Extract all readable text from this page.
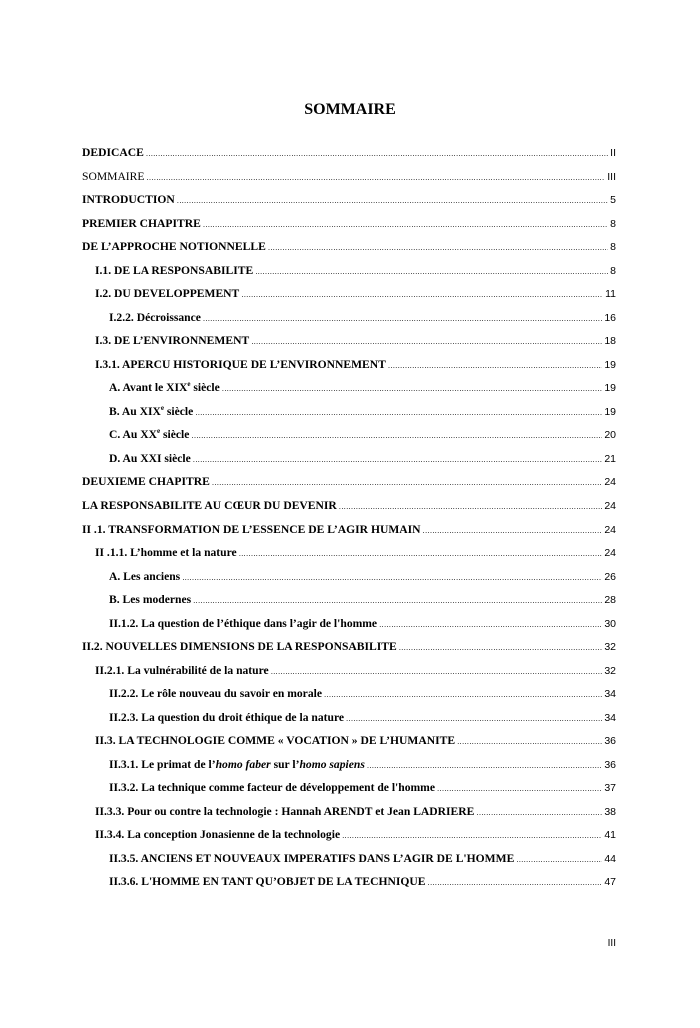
SOMMAIRE
DEDICACE .....	II
SOMMAIRE .....	III
INTRODUCTION .....	5
PREMIER CHAPITRE .....	8
DE L’APPROCHE NOTIONNELLE .....	8
I.1. DE LA RESPONSABILITE .....	8
I.2. DU DEVELOPPEMENT .....	11
I.2.2. Décroissance .....	16
I.3. DE L’ENVIRONNEMENT .....	18
I.3.1. APERCU HISTORIQUE DE L’ENVIRONNEMENT .....	19
A. Avant le XIXe siècle .....	19
B. Au XIXe siècle .....	19
C. Au XXe siècle .....	20
D. Au XXI siècle .....	21
DEUXIEME CHAPITRE .....	24
LA RESPONSABILITE AU CŒUR DU DEVENIR .....	24
II .1. TRANSFORMATION DE L’ESSENCE DE L’AGIR HUMAIN .....	24
II .1.1. L’homme et la nature .....	24
A. Les anciens .....	26
B. Les modernes .....	28
II.1.2. La question de l’éthique dans l’agir de l'homme .....	30
II.2. NOUVELLES DIMENSIONS DE LA RESPONSABILITE .....	32
II.2.1. La vulnérabilité de la nature .....	32
II.2.2. Le rôle nouveau du savoir en morale .....	34
II.2.3. La question du droit éthique de la nature .....	34
II.3. LA TECHNOLOGIE COMME « VOCATION » DE L’HUMANITE .....	36
II.3.1. Le primat de l’homo faber sur l’homo sapiens .....	36
II.3.2. La technique comme facteur de développement de l'homme .....	37
II.3.3. Pour ou contre la technologie : Hannah ARENDT et Jean LADRIERE .....	38
II.3.4. La conception Jonasienne de la technologie .....	41
II.3.5. ANCIENS ET NOUVEAUX IMPERATIFS DANS L’AGIR DE L'HOMME .....	44
II.3.6. L'HOMME EN TANT QU’OBJET DE LA TECHNIQUE .....	47
III
